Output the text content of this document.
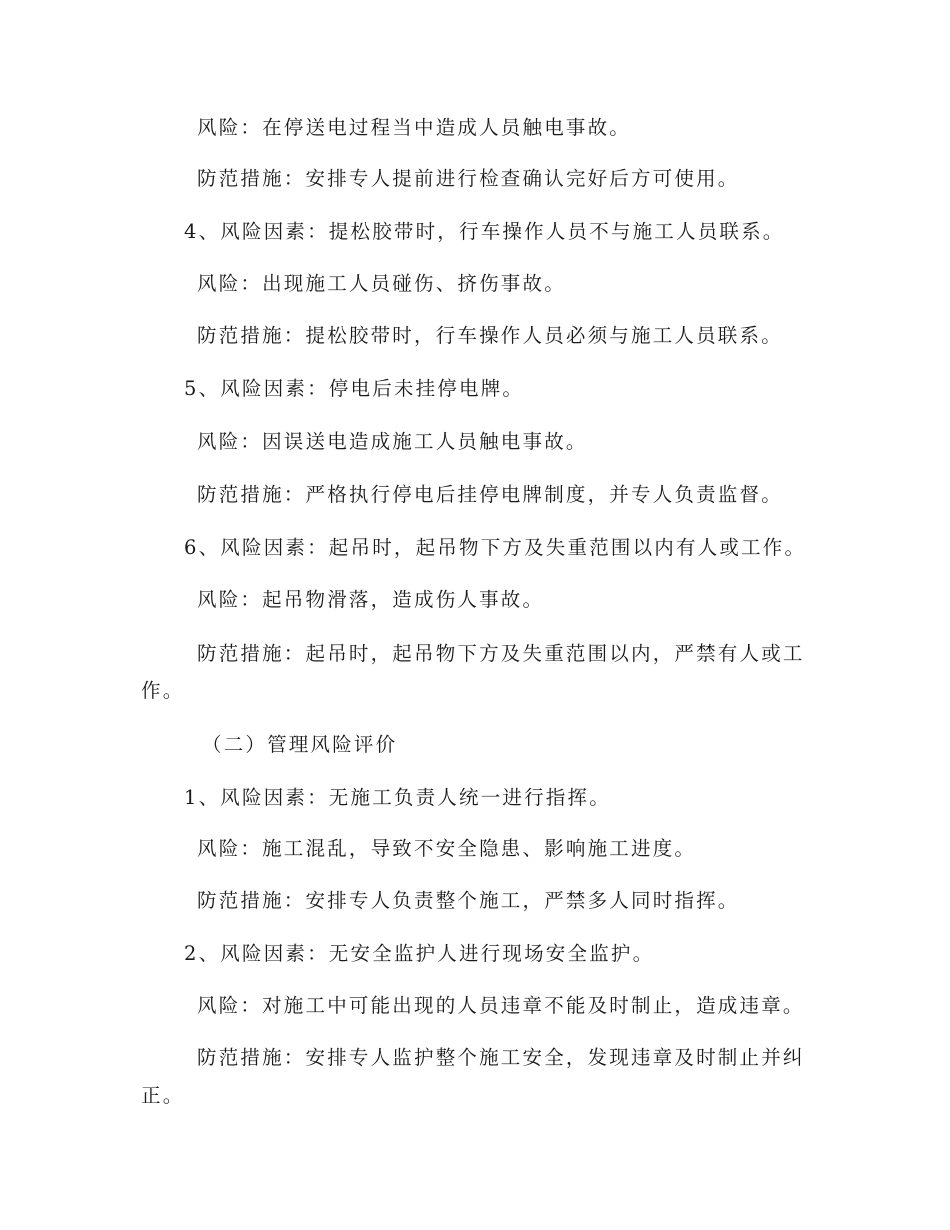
风险：在停送电过程当中造成人员触电事故。
防范措施：安排专人提前进行检查确认完好后方可使用。
4、风险因素：提松胶带时，行车操作人员不与施工人员联系。
风险：出现施工人员碰伤、挤伤事故。
防范措施：提松胶带时，行车操作人员必须与施工人员联系。
5、风险因素：停电后未挂停电牌。
风险：因误送电造成施工人员触电事故。
防范措施：严格执行停电后挂停电牌制度，并专人负责监督。
6、风险因素：起吊时，起吊物下方及失重范围以内有人或工作。
风险：起吊物滑落，造成伤人事故。
防范措施：起吊时，起吊物下方及失重范围以内，严禁有人或工
作。
（二）管理风险评价
1、风险因素：无施工负责人统一进行指挥。
风险：施工混乱，导致不安全隐患、影响施工进度。
防范措施：安排专人负责整个施工，严禁多人同时指挥。
2、风险因素：无安全监护人进行现场安全监护。
风险：对施工中可能出现的人员违章不能及时制止，造成违章。
防范措施：安排专人监护整个施工安全，发现违章及时制止并纠
正。
